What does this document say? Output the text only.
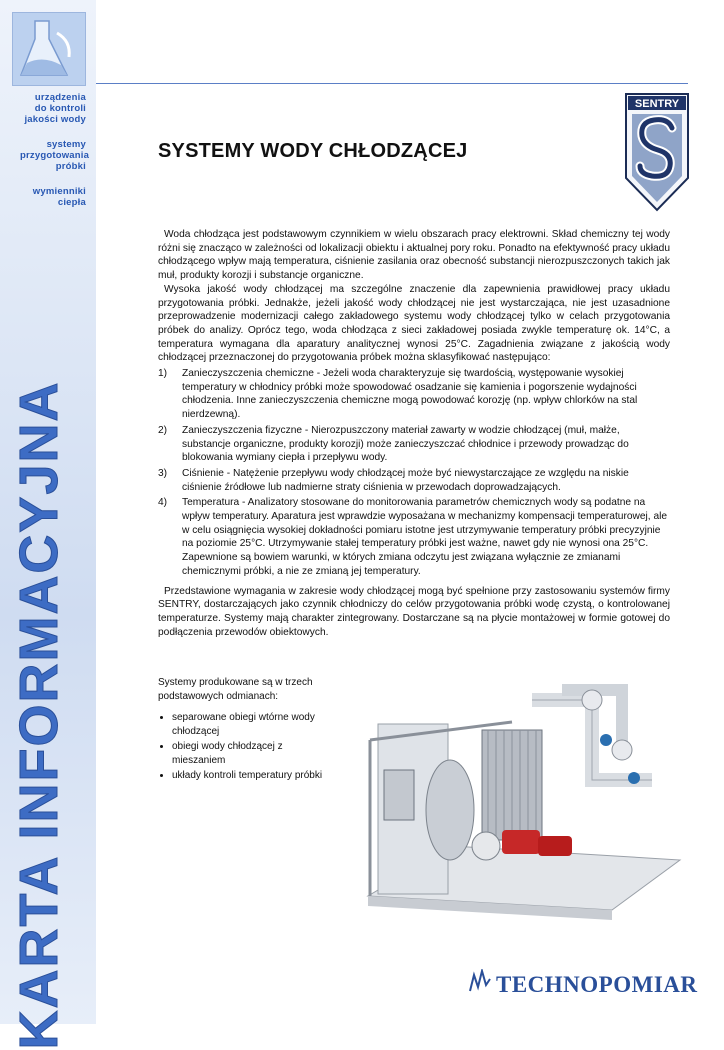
urządzenia
do kontroli
jakości wody
systemy
przygotowania
próbki
wymienniki
ciepła
KARTA INFORMACYJNA
SENTRY
SYSTEMY WODY CHŁODZĄCEJ

Woda chłodząca jest podstawowym czynnikiem w wielu obszarach pracy elektrowni. Skład chemiczny tej wody różni się znacząco w zależności od lokalizacji obiektu i aktualnej pory roku. Ponadto na efektywność pracy układu chłodzącego wpływ mają temperatura, ciśnienie zasilania oraz obecność substancji nierozpuszczonych takich jak muł, produkty korozji i substancje organiczne.

Wysoka jakość wody chłodzącej ma szczególne znaczenie dla zapewnienia prawidłowej pracy układu przygotowania próbki. Jednakże, jeżeli jakość wody chłodzącej nie jest wystarczająca, nie jest uzasadnione przeprowadzenie modernizacji całego zakładowego systemu wody chłodzącej tylko w celach przygotowania próbek do analizy. Oprócz tego, woda chłodząca z sieci zakładowej posiada zwykle temperaturę ok. 14°C, a temperatura wymagana dla aparatury analitycznej wynosi 25°C. Zagadnienia związane z jakością wody chłodzącej przeznaczonej do przygotowania próbek można sklasyfikować następująco:

1)	Zanieczyszczenia chemiczne - Jeżeli woda charakteryzuje się twardością, występowanie wysokiej temperatury w chłodnicy próbki może spowodować osadzanie się kamienia i pogorszenie wydajności chłodzenia. Inne zanieczyszczenia chemiczne mogą powodować korozję (np. wpływ chlorków na stal nierdzewną).
2)	Zanieczyszczenia fizyczne - Nierozpuszczony materiał zawarty w wodzie chłodzącej (muł, małże, substancje organiczne, produkty korozji) może zanieczyszczać chłodnice i przewody prowadząc do blokowania wymiany ciepła i przepływu wody.
3)	Ciśnienie - Natężenie przepływu wody chłodzącej może być niewystarczające ze względu na niskie ciśnienie źródłowe lub nadmierne straty ciśnienia w przewodach doprowadzających.
4)	Temperatura - Analizatory stosowane do monitorowania parametrów chemicznych wody są podatne na wpływ temperatury. Aparatura jest wprawdzie wyposażana w mechanizmy kompensacji temperaturowej, ale w celu osiągnięcia wysokiej dokładności pomiaru istotne jest utrzymywanie temperatury próbki precyzyjnie na poziomie 25°C. Utrzymywanie stałej temperatury próbki jest ważne, nawet gdy nie wynosi ona 25°C. Zapewnione są bowiem warunki, w których zmiana odczytu jest związana wyłącznie ze zmianami chemicznymi próbki, a nie ze zmianą jej temperatury.

Przedstawione wymagania w zakresie wody chłodzącej mogą być spełnione przy zastosowaniu systemów firmy SENTRY, dostarczających jako czynnik chłodniczy do celów przygotowania próbki wodę czystą, o kontrolowanej temperaturze. Systemy mają charakter zintegrowany. Dostarczane są na płycie montażowej w formie gotowej do podłączenia przewodów obiektowych.

Systemy produkowane są w trzech podstawowych odmianach:
• separowane obiegi wtórne wody chłodzącej
• obiegi wody chłodzącej z mieszaniem
• układy kontroli temperatury próbki
TECHNOPOMIAR
